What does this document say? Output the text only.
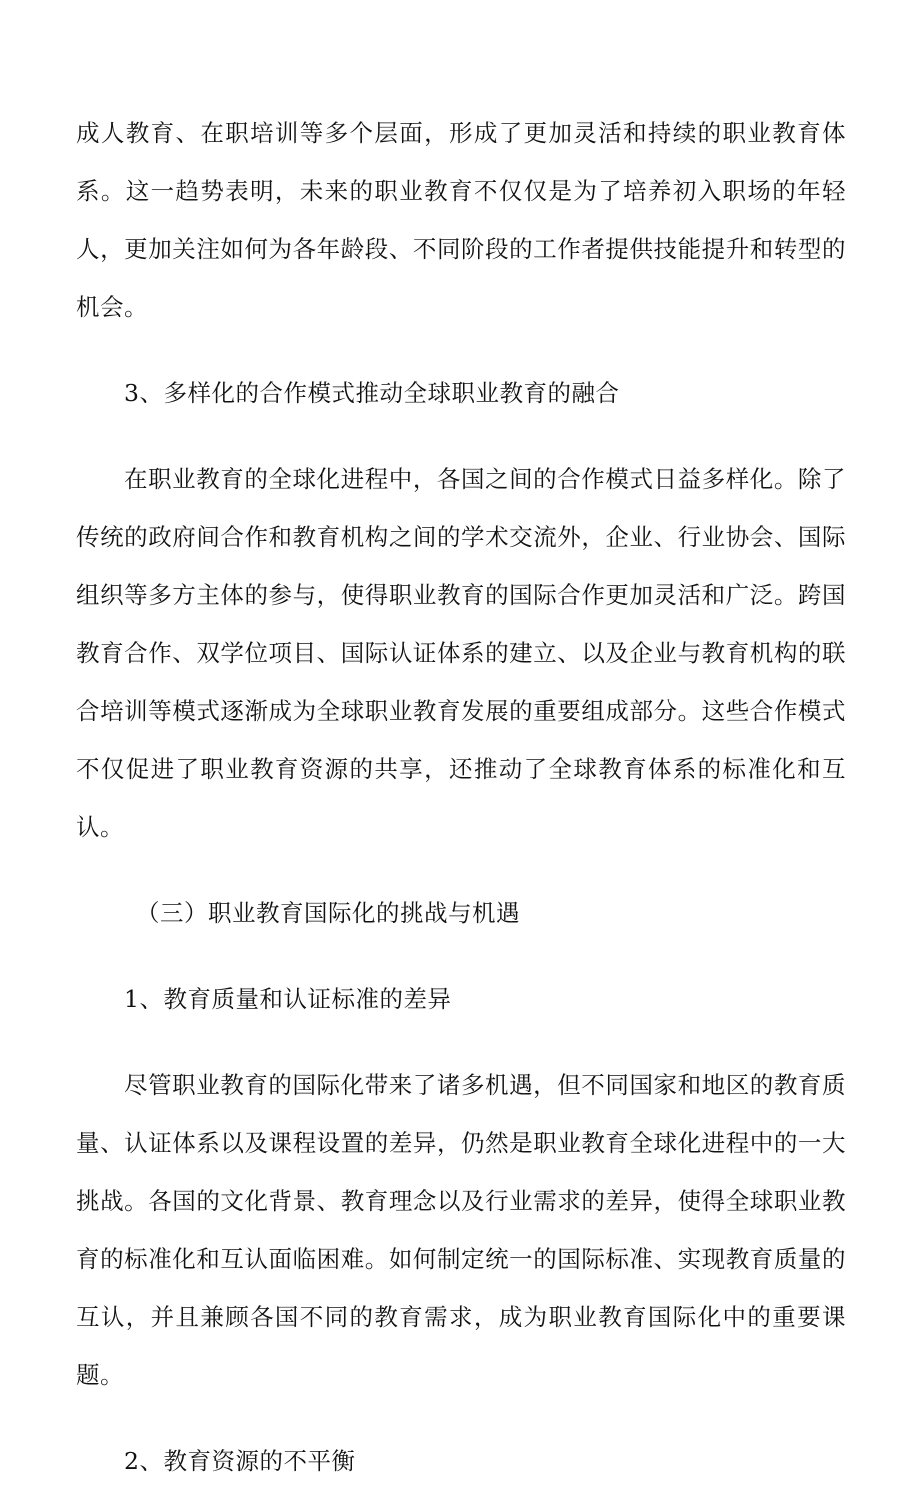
成人教育、在职培训等多个层面，形成了更加灵活和持续的职业教育体系。这一趋势表明，未来的职业教育不仅仅是为了培养初入职场的年轻人，更加关注如何为各年龄段、不同阶段的工作者提供技能提升和转型的机会。

3、多样化的合作模式推动全球职业教育的融合

在职业教育的全球化进程中，各国之间的合作模式日益多样化。除了传统的政府间合作和教育机构之间的学术交流外，企业、行业协会、国际组织等多方主体的参与，使得职业教育的国际合作更加灵活和广泛。跨国教育合作、双学位项目、国际认证体系的建立、以及企业与教育机构的联合培训等模式逐渐成为全球职业教育发展的重要组成部分。这些合作模式不仅促进了职业教育资源的共享，还推动了全球教育体系的标准化和互认。

（三）职业教育国际化的挑战与机遇

1、教育质量和认证标准的差异

尽管职业教育的国际化带来了诸多机遇，但不同国家和地区的教育质量、认证体系以及课程设置的差异，仍然是职业教育全球化进程中的一大挑战。各国的文化背景、教育理念以及行业需求的差异，使得全球职业教育的标准化和互认面临困难。如何制定统一的国际标准、实现教育质量的互认，并且兼顾各国不同的教育需求，成为职业教育国际化中的重要课题。

2、教育资源的不平衡
